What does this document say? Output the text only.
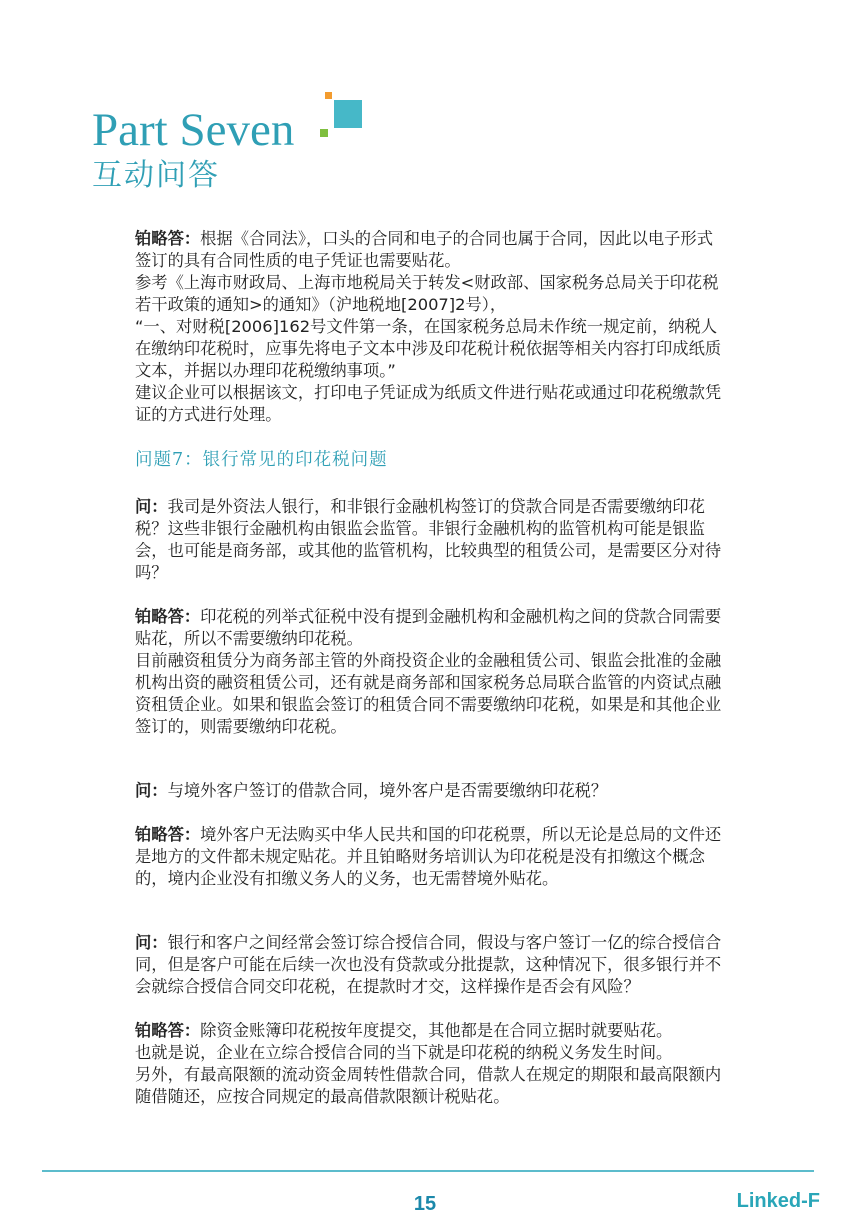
Part Seven
互动问答

铂略答：根据《合同法》，口头的合同和电子的合同也属于合同，因此以电子形式签订的具有合同性质的电子凭证也需要贴花。

参考《上海市财政局、上海市地税局关于转发<财政部、国家税务总局关于印花税若干政策的通知>的通知》（沪地税地[2007]2号），

“一、对财税[2006]162号文件第一条，在国家税务总局未作统一规定前，纳税人在缴纳印花税时，应事先将电子文本中涉及印花税计税依据等相关内容打印成纸质文本，并据以办理印花税缴纳事项。”

建议企业可以根据该文，打印电子凭证成为纸质文件进行贴花或通过印花税缴款凭证的方式进行处理。

问题7：银行常见的印花税问题

问：我司是外资法人银行，和非银行金融机构签订的贷款合同是否需要缴纳印花税？这些非银行金融机构由银监会监管。非银行金融机构的监管机构可能是银监会，也可能是商务部，或其他的监管机构，比较典型的租赁公司，是需要区分对待吗？

铂略答：印花税的列举式征税中没有提到金融机构和金融机构之间的贷款合同需要贴花，所以不需要缴纳印花税。

目前融资租赁分为商务部主管的外商投资企业的金融租赁公司、银监会批准的金融机构出资的融资租赁公司，还有就是商务部和国家税务总局联合监管的内资试点融资租赁企业。如果和银监会签订的租赁合同不需要缴纳印花税，如果是和其他企业签订的，则需要缴纳印花税。

问：与境外客户签订的借款合同，境外客户是否需要缴纳印花税？

铂略答：境外客户无法购买中华人民共和国的印花税票，所以无论是总局的文件还是地方的文件都未规定贴花。并且铂略财务培训认为印花税是没有扣缴这个概念的，境内企业没有扣缴义务人的义务，也无需替境外贴花。

问：银行和客户之间经常会签订综合授信合同，假设与客户签订一亿的综合授信合同，但是客户可能在后续一次也没有贷款或分批提款，这种情况下，很多银行并不会就综合授信合同交印花税，在提款时才交，这样操作是否会有风险？

铂略答：除资金账簿印花税按年度提交，其他都是在合同立据时就要贴花。

也就是说，企业在立综合授信合同的当下就是印花税的纳税义务发生时间。

另外，有最高限额的流动资金周转性借款合同，借款人在规定的期限和最高限额内随借随还，应按合同规定的最高借款限额计税贴花。

15	Linked-F
